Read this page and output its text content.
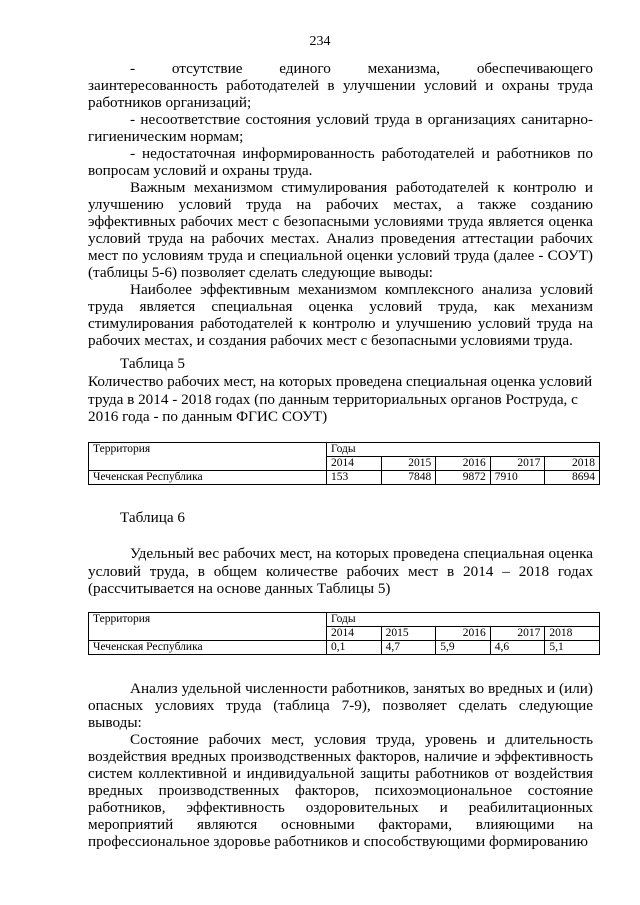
234

- отсутствие единого механизма, обеспечивающего заинтересованность работодателей в улучшении условий и охраны труда работников организаций;

- несоответствие состояния условий труда в организациях санитарно-гигиеническим нормам;

- недостаточная информированность работодателей и работников по вопросам условий и охраны труда.

Важным механизмом стимулирования работодателей к контролю и улучшению условий труда на рабочих местах, а также созданию эффективных рабочих мест с безопасными условиями труда является оценка условий труда на рабочих местах. Анализ проведения аттестации рабочих мест по условиям труда и специальной оценки условий труда (далее - СОУТ) (таблицы 5-6) позволяет сделать следующие выводы:

Наиболее эффективным механизмом комплексного анализа условий труда является специальная оценка условий труда, как механизм стимулирования работодателей к контролю и улучшению условий труда на рабочих местах, и создания рабочих мест с безопасными условиями труда.

Таблица 5
Количество рабочих мест, на которых проведена специальная оценка условий труда в 2014 - 2018 годах (по данным территориальных органов Роструда, с 2016 года - по данным ФГИС СОУТ)
Территория	Годы				
	2014	2015	2016	2017	2018
Чеченская Республика	153	7848	9872	7910	8694
Таблица 6
Удельный вес рабочих мест, на которых проведена специальная оценка условий труда, в общем количестве рабочих мест в 2014 – 2018 годах (рассчитывается на основе данных Таблицы 5)
Территория	Годы				
	2014	2015	2016	2017	2018
Чеченская Республика	0,1	4,7	5,9	4,6	5,1

Анализ удельной численности работников, занятых во вредных и (или) опасных условиях труда (таблица 7-9), позволяет сделать следующие выводы:

Состояние рабочих мест, условия труда, уровень и длительность воздействия вредных производственных факторов, наличие и эффективность систем коллективной и индивидуальной защиты работников от воздействия вредных производственных факторов, психоэмоциональное состояние работников, эффективность оздоровительных и реабилитационных мероприятий являются основными факторами, влияющими на профессиональное здоровье работников и способствующими формированию
